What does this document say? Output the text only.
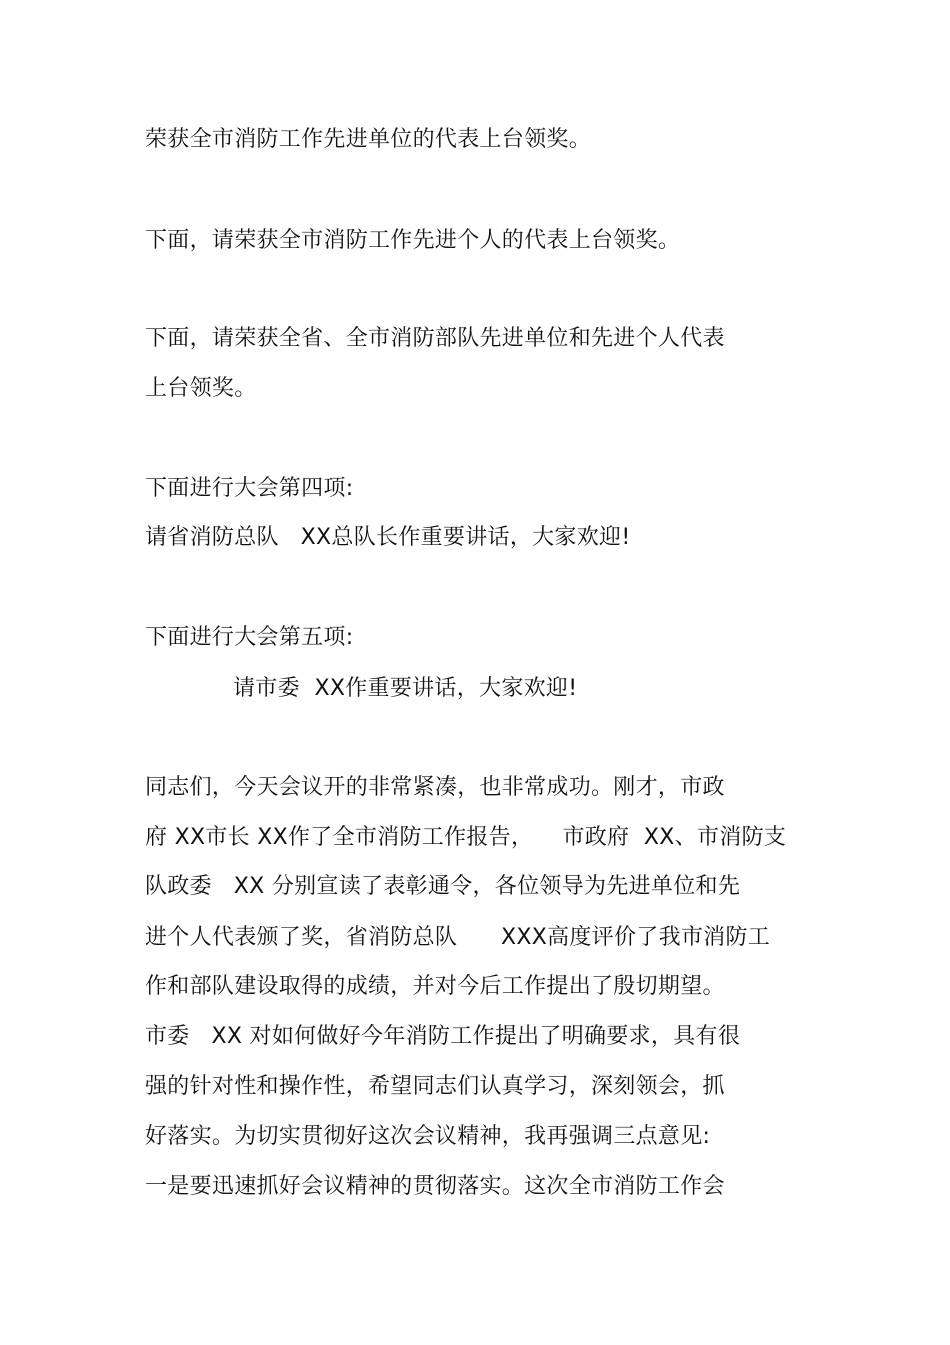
荣获全市消防工作先进单位的代表上台领奖。
下面，请荣获全市消防工作先进个人的代表上台领奖。
下面，请荣获全省、全市消防部队先进单位和先进个人代表
上台领奖。
下面进行大会第四项:
请省消防总队   XX总队长作重要讲话，大家欢迎!
下面进行大会第五项:
请市委  XX作重要讲话，大家欢迎!
同志们，今天会议开的非常紧凑，也非常成功。刚才，市政
府 XX市长 XX作了全市消防工作报告，    市政府  XX、市消防支
队政委   XX 分别宣读了表彰通令，各位领导为先进单位和先
进个人代表颁了奖，省消防总队      XXX高度评价了我市消防工
作和部队建设取得的成绩，并对今后工作提出了殷切期望。
市委   XX 对如何做好今年消防工作提出了明确要求，具有很
强的针对性和操作性，希望同志们认真学习，深刻领会，抓
好落实。为切实贯彻好这次会议精神，我再强调三点意见:
一是要迅速抓好会议精神的贯彻落实。这次全市消防工作会
